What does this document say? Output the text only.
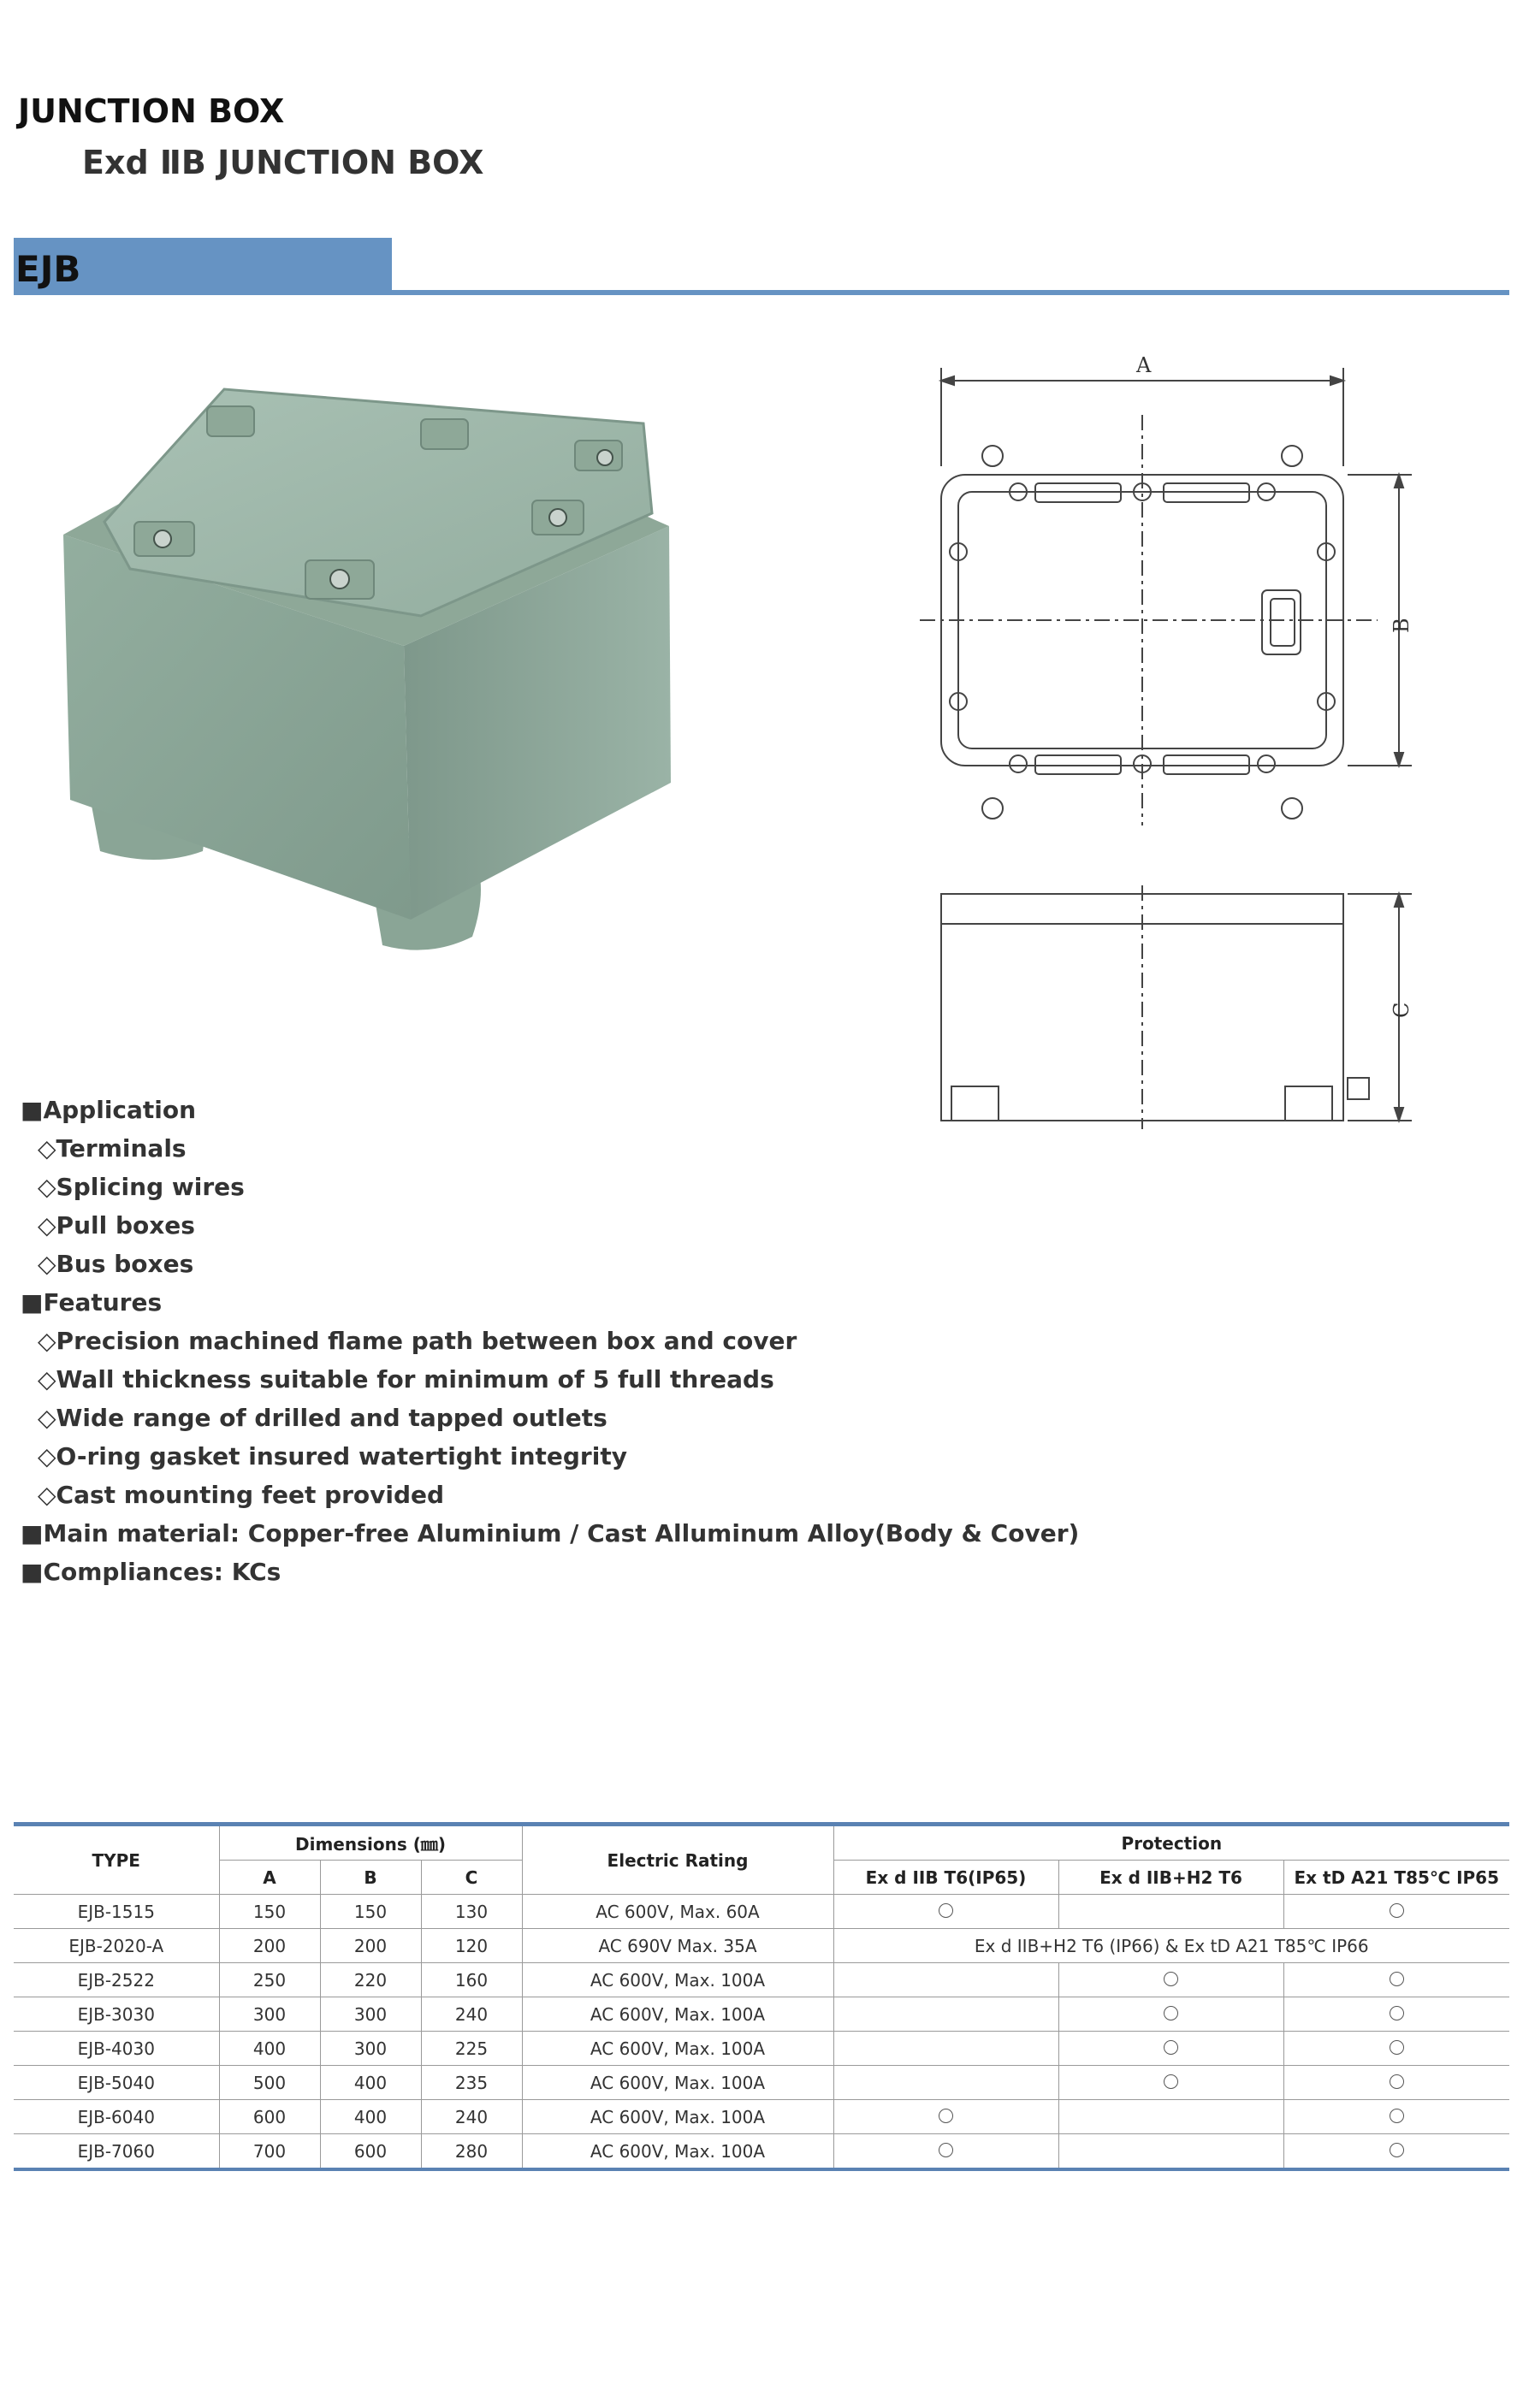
JUNCTION BOX
Exd ⅡB JUNCTION BOX
EJB
A
B
C
■ Application
◇ Terminals
◇ Splicing wires
◇ Pull boxes
◇ Bus boxes
■ Features
◇ Precision machined flame path between box and cover
◇ Wall thickness suitable for minimum of 5 full threads
◇ Wide range of drilled and tapped outlets
◇ O-ring gasket insured watertight integrity
◇ Cast mounting feet provided
■ Main material: Copper-free Aluminium / Cast Alluminum Alloy(Body & Cover)
■ Compliances: KCs
TYPE	Dimensions (㎜)			Electric Rating	Protection		
	A	B	C		Ex d IIB T6(IP65)	Ex d IIB+H2 T6	Ex tD A21 T85℃ IP65
EJB-1515	150	150	130	AC 600V, Max. 60A			
EJB-2020-A	200	200	120	AC 690V Max. 35A	Ex d IIB+H2 T6 (IP66) & Ex tD A21 T85℃ IP66		
EJB-2522	250	220	160	AC 600V, Max. 100A			
EJB-3030	300	300	240	AC 600V, Max. 100A			
EJB-4030	400	300	225	AC 600V, Max. 100A			
EJB-5040	500	400	235	AC 600V, Max. 100A			
EJB-6040	600	400	240	AC 600V, Max. 100A			
EJB-7060	700	600	280	AC 600V, Max. 100A			
